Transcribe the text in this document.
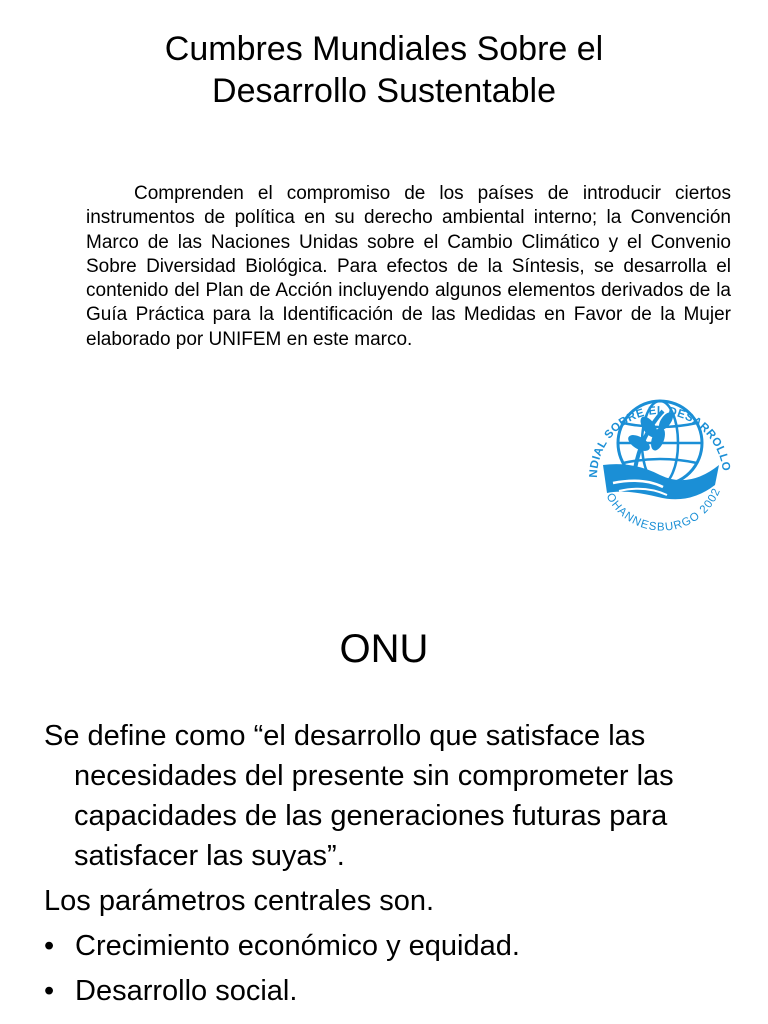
Cumbres Mundiales Sobre el
Desarrollo Sustentable

Comprenden el compromiso de los países de introducir ciertos instrumentos de política en su derecho ambiental interno; la Convención Marco de las Naciones Unidas sobre el Cambio Climático y el Convenio Sobre Diversidad Biológica. Para efectos de la Síntesis, se desarrolla el contenido del Plan de Acción incluyendo algunos elementos derivados de la Guía Práctica para la Identificación de las Medidas en Favor de la Mujer elaborado por UNIFEM en este marco.

NDIAL SOBRE EL DESARROLLO
OHANNESBURGO 2002
ONU
Se define como “el desarrollo que satisface las necesidades del presente sin comprometer las capacidades de las generaciones futuras para satisfacer las suyas”.
Los parámetros centrales son.
• Crecimiento económico y equidad.
• Desarrollo social.
